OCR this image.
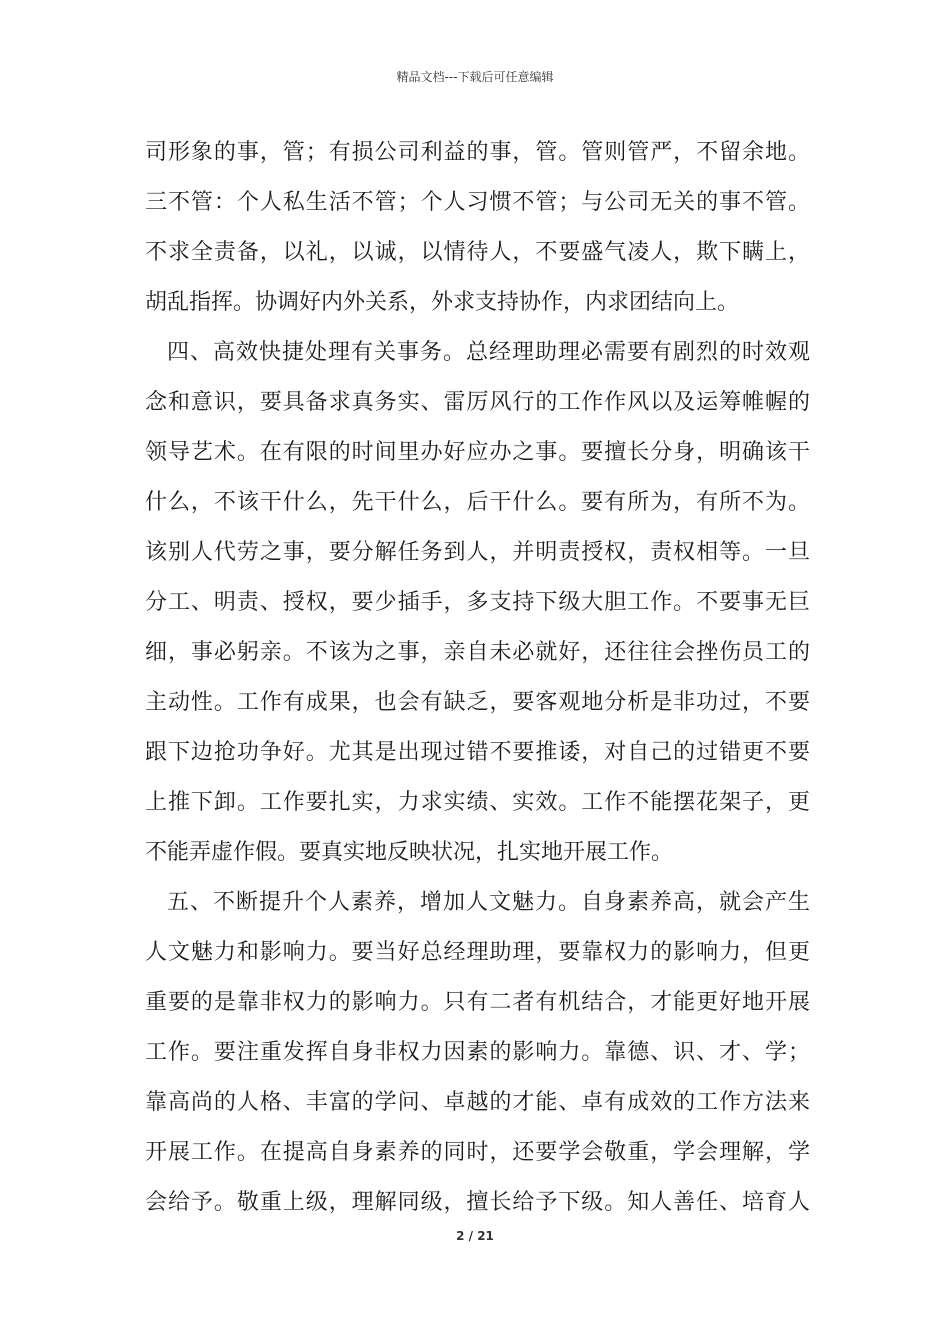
精品文档---下载后可任意编辑
司形象的事，管；有损公司利益的事，管。管则管严，不留余地。
三不管：个人私生活不管；个人习惯不管；与公司无关的事不管。
不求全责备，以礼，以诚，以情待人，不要盛气凌人，欺下瞒上，
胡乱指挥。协调好内外关系，外求支持协作，内求团结向上。
四、高效快捷处理有关事务。总经理助理必需要有剧烈的时效观
念和意识，要具备求真务实、雷厉风行的工作作风以及运筹帷幄的
领导艺术。在有限的时间里办好应办之事。要擅长分身，明确该干
什么，不该干什么，先干什么，后干什么。要有所为，有所不为。
该别人代劳之事，要分解任务到人，并明责授权，责权相等。一旦
分工、明责、授权，要少插手，多支持下级大胆工作。不要事无巨
细，事必躬亲。不该为之事，亲自未必就好，还往往会挫伤员工的
主动性。工作有成果，也会有缺乏，要客观地分析是非功过，不要
跟下边抢功争好。尤其是出现过错不要推诿，对自己的过错更不要
上推下卸。工作要扎实，力求实绩、实效。工作不能摆花架子，更
不能弄虚作假。要真实地反映状况，扎实地开展工作。
五、不断提升个人素养，增加人文魅力。自身素养高，就会产生
人文魅力和影响力。要当好总经理助理，要靠权力的影响力，但更
重要的是靠非权力的影响力。只有二者有机结合，才能更好地开展
工作。要注重发挥自身非权力因素的影响力。靠德、识、才、学；
靠高尚的人格、丰富的学问、卓越的才能、卓有成效的工作方法来
开展工作。在提高自身素养的同时，还要学会敬重，学会理解，学
会给予。敬重上级，理解同级，擅长给予下级。知人善任、培育人
2 / 21
